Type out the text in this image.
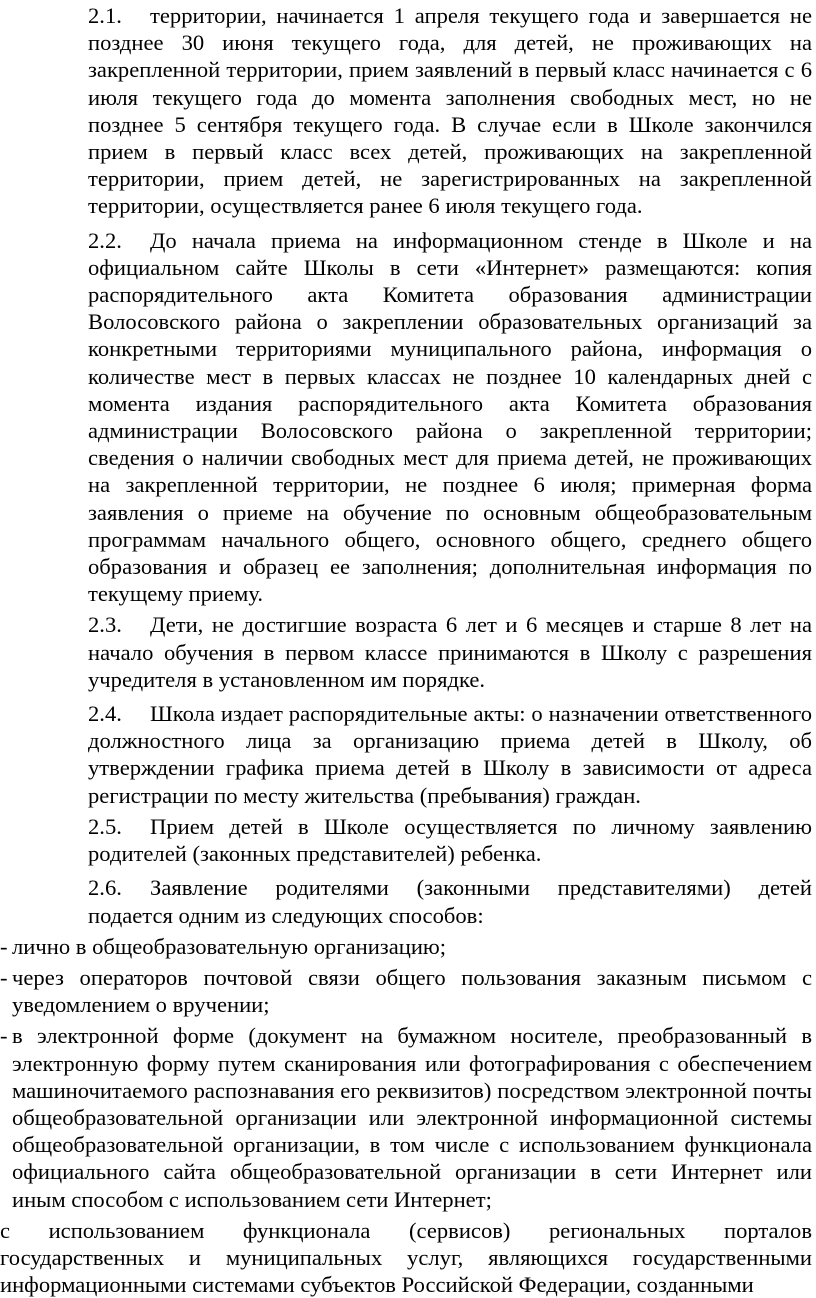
2.1.	территории, начинается 1 апреля текущего года и завершается не позднее 30 июня текущего года, для детей, не проживающих на закрепленной территории, прием заявлений в первый класс начинается с 6 июля текущего года до момента заполнения свободных мест, но не позднее 5 сентября текущего года. В случае если в Школе закончился прием в первый класс всех детей, проживающих на закрепленной территории, прием детей, не зарегистрированных на закрепленной территории, осуществляется ранее 6 июля текущего года.

2.2.	До начала приема на информационном стенде в Школе и на официальном сайте Школы в сети «Интернет» размещаются: копия распорядительного акта Комитета образования администрации Волосовского района о закреплении образовательных организаций за конкретными территориями муниципального района, информация о количестве мест в первых классах не позднее 10 календарных дней с момента издания распорядительного акта Комитета образования администрации Волосовского района о закрепленной территории; сведения о наличии свободных мест для приема детей, не проживающих на закрепленной территории, не позднее 6 июля; примерная форма заявления о приеме на обучение по основным общеобразовательным программам начального общего, основного общего, среднего общего образования и образец ее заполнения; дополнительная информация по текущему приему.

2.3.	Дети, не достигшие возраста 6 лет и 6 месяцев и старше 8 лет на начало обучения в первом классе принимаются в Школу с разрешения учредителя в установленном им порядке.

2.4.	Школа издает распорядительные акты: о назначении ответственного должностного лица за организацию приема детей в Школу, об утверждении графика приема детей в Школу в зависимости от адреса регистрации по месту жительства (пребывания) граждан.

2.5.	Прием детей в Школе осуществляется по личному заявлению родителей (законных представителей) ребенка.

2.6.	Заявление родителями (законными представителями) детей подается одним из следующих способов:

- лично в общеобразовательную организацию;

- через операторов почтовой связи общего пользования заказным письмом с уведомлением о вручении;

- в электронной форме (документ на бумажном носителе, преобразованный в электронную форму путем сканирования или фотографирования с обеспечением машиночитаемого распознавания его реквизитов) посредством электронной почты общеобразовательной организации или электронной информационной системы общеобразовательной организации, в том числе с использованием функционала официального сайта общеобразовательной организации в сети Интернет или иным способом с использованием сети Интернет;

с использованием функционала (сервисов) региональных порталов государственных и муниципальных услуг, являющихся государственными информационными системами субъектов Российской Федерации, созданными
